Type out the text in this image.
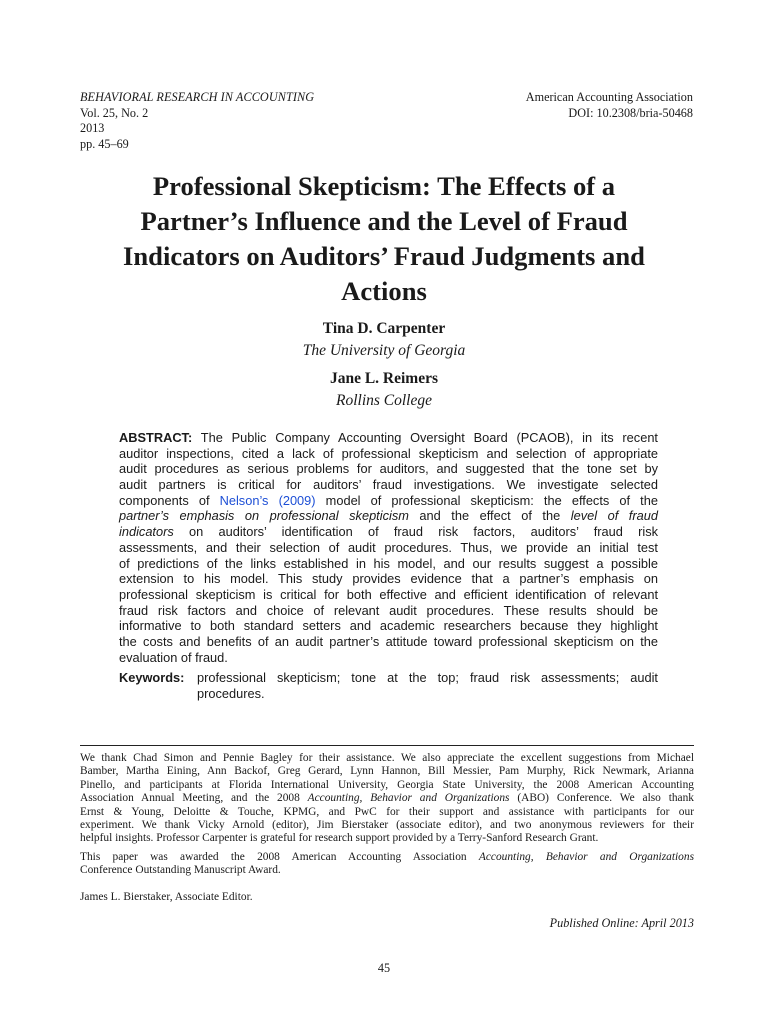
BEHAVIORAL RESEARCH IN ACCOUNTING
Vol. 25, No. 2
2013
pp. 45–69
American Accounting Association
DOI: 10.2308/bria-50468
Professional Skepticism: The Effects of a
Partner’s Influence and the Level of Fraud
Indicators on Auditors’ Fraud Judgments and
Actions
Tina D. Carpenter
The University of Georgia
Jane L. Reimers
Rollins College
ABSTRACT: The Public Company Accounting Oversight Board (PCAOB), in its recent
auditor inspections, cited a lack of professional skepticism and selection of appropriate
audit procedures as serious problems for auditors, and suggested that the tone set by
audit partners is critical for auditors’ fraud investigations. We investigate selected
components of Nelson’s (2009) model of professional skepticism: the effects of the
partner’s emphasis on professional skepticism and the effect of the level of fraud
indicators on auditors’ identification of fraud risk factors, auditors’ fraud risk
assessments, and their selection of audit procedures. Thus, we provide an initial test
of predictions of the links established in his model, and our results suggest a possible
extension to his model. This study provides evidence that a partner’s emphasis on
professional skepticism is critical for both effective and efficient identification of relevant
fraud risk factors and choice of relevant audit procedures. These results should be
informative to both standard setters and academic researchers because they highlight
the costs and benefits of an audit partner’s attitude toward professional skepticism on the
evaluation of fraud.
Keywords: professional skepticism; tone at the top; fraud risk assessments; audit
procedures.
We thank Chad Simon and Pennie Bagley for their assistance. We also appreciate the excellent suggestions from Michael
Bamber, Martha Eining, Ann Backof, Greg Gerard, Lynn Hannon, Bill Messier, Pam Murphy, Rick Newmark, Arianna
Pinello, and participants at Florida International University, Georgia State University, the 2008 American Accounting
Association Annual Meeting, and the 2008 Accounting, Behavior and Organizations (ABO) Conference. We also thank
Ernst & Young, Deloitte & Touche, KPMG, and PwC for their support and assistance with participants for our
experiment. We thank Vicky Arnold (editor), Jim Bierstaker (associate editor), and two anonymous reviewers for their
helpful insights. Professor Carpenter is grateful for research support provided by a Terry-Sanford Research Grant.
This paper was awarded the 2008 American Accounting Association Accounting, Behavior and Organizations
Conference Outstanding Manuscript Award.
James L. Bierstaker, Associate Editor.
Published Online: April 2013
45
